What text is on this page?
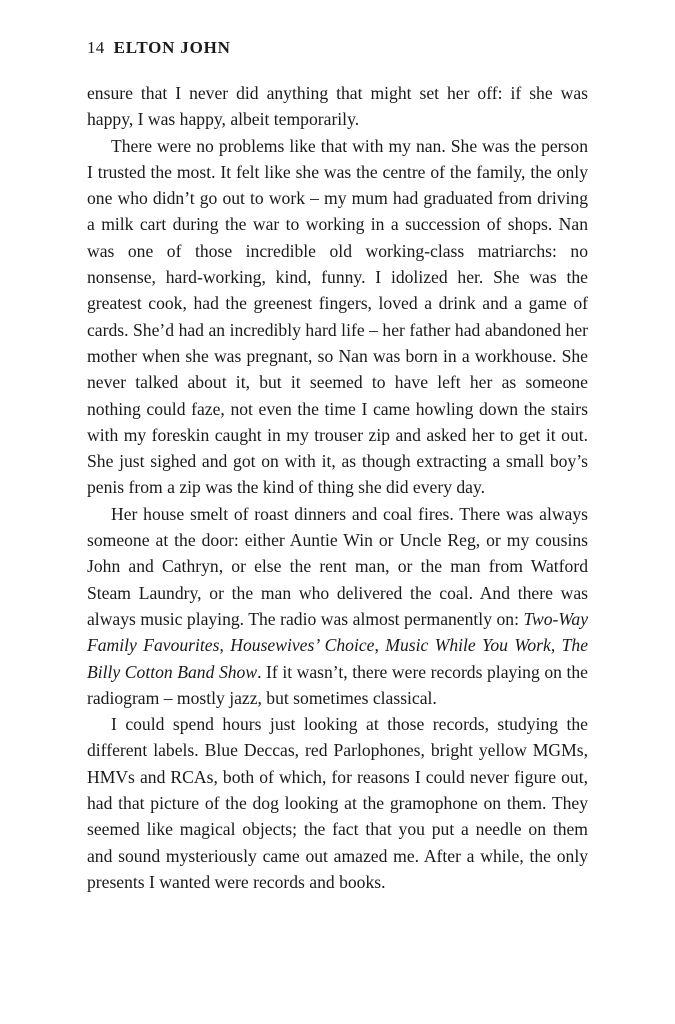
14 ELTON JOHN

ensure that I never did anything that might set her off: if she was happy, I was happy, albeit temporarily.

There were no problems like that with my nan. She was the person I trusted the most. It felt like she was the centre of the family, the only one who didn’t go out to work – my mum had graduated from driving a milk cart during the war to working in a succession of shops. Nan was one of those incredible old working-class matriarchs: no nonsense, hard-working, kind, funny. I idolized her. She was the greatest cook, had the greenest fingers, loved a drink and a game of cards. She’d had an incredibly hard life – her father had abandoned her mother when she was pregnant, so Nan was born in a workhouse. She never talked about it, but it seemed to have left her as someone nothing could faze, not even the time I came howling down the stairs with my foreskin caught in my trouser zip and asked her to get it out. She just sighed and got on with it, as though extracting a small boy’s penis from a zip was the kind of thing she did every day.

Her house smelt of roast dinners and coal fires. There was always someone at the door: either Auntie Win or Uncle Reg, or my cousins John and Cathryn, or else the rent man, or the man from Watford Steam Laundry, or the man who delivered the coal. And there was always music playing. The radio was almost permanently on: Two-Way Family Favourites, Housewives’ Choice, Music While You Work, The Billy Cotton Band Show. If it wasn’t, there were records playing on the radiogram – mostly jazz, but sometimes classical.

I could spend hours just looking at those records, studying the different labels. Blue Deccas, red Parlophones, bright yellow MGMs, HMVs and RCAs, both of which, for reasons I could never figure out, had that picture of the dog looking at the gramophone on them. They seemed like magical objects; the fact that you put a needle on them and sound mysteriously came out amazed me. After a while, the only presents I wanted were records and books.
